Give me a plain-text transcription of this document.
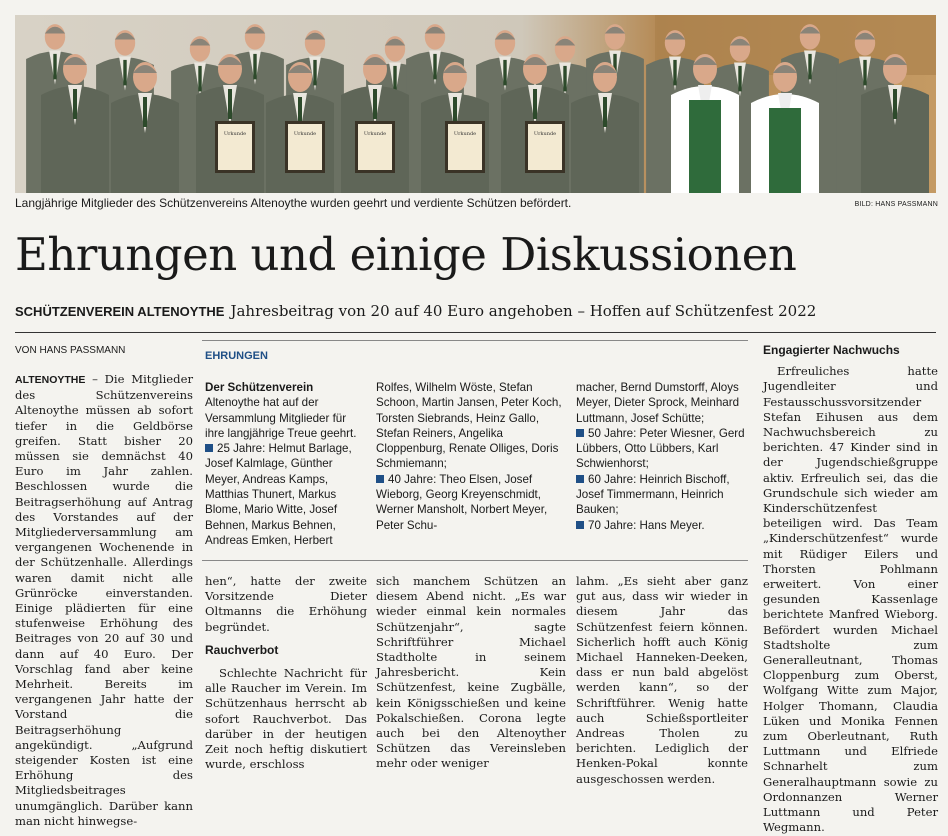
Urkunde	Urkunde	Urkunde	Urkunde	Urkunde
Langjährige Mitglieder des Schützenvereins Altenoythe wurden geehrt und verdiente Schützen befördert.	BILD: HANS PASSMANN
Ehrungen und einige Diskussionen
SCHÜTZENVEREIN ALTENOYTHE Jahresbeitrag von 20 auf 40 Euro angehoben – Hoffen auf Schützenfest 2022
VON HANS PASSMANN

ALTENOYTHE – Die Mitglieder des Schützenvereins Altenoythe müssen ab sofort tiefer in die Geldbörse greifen. Statt bisher 20 müssen sie demnächst 40 Euro im Jahr zahlen. Beschlossen wurde die Beitragserhöhung auf Antrag des Vorstandes auf der Mitgliederversammlung am vergangenen Wochenende in der Schützenhalle. Allerdings waren damit nicht alle Grünröcke einverstanden. Einige plädierten für eine stufenweise Erhöhung des Beitrages von 20 auf 30 und dann auf 40 Euro. Der Vorschlag fand aber keine Mehrheit. Bereits im vergangenen Jahr hatte der Vorstand die Beitragserhöhung angekündigt. „Aufgrund steigender Kosten ist eine Erhöhung des Mitgliedsbeitrages unumgänglich. Darüber kann man nicht hinwegse-

EHRUNGEN

Der Schützenverein Altenoythe hat auf der Versammlung Mitglieder für ihre langjährige Treue geehrt.

25 Jahre: Helmut Barlage, Josef Kalmlage, Günther Meyer, Andreas Kamps, Matthias Thunert, Markus Blome, Mario Witte, Josef Behnen, Markus Behnen, Andreas Emken, Herbert

Rolfes, Wilhelm Wöste, Stefan Schoon, Martin Jansen, Peter Koch, Torsten Siebrands, Heinz Gallo, Stefan Reiners, Angelika Cloppenburg, Renate Olliges, Doris Schmiemann;

40 Jahre: Theo Elsen, Josef Wieborg, Georg Kreyenschmidt, Werner Mansholt, Norbert Meyer, Peter Schu-

macher, Bernd Dumstorff, Aloys Meyer, Dieter Sprock, Meinhard Luttmann, Josef Schütte;

50 Jahre: Peter Wiesner, Gerd Lübbers, Otto Lübbers, Karl Schwienhorst;

60 Jahre: Heinrich Bischoff, Josef Timmermann, Heinrich Bauken;

70 Jahre: Hans Meyer.

hen“, hatte der zweite Vorsitzende Dieter Oltmanns die Erhöhung begründet.

Rauchverbot

Schlechte Nachricht für alle Raucher im Verein. Im Schützenhaus herrscht ab sofort Rauchverbot. Das darüber in der heutigen Zeit noch heftig diskutiert wurde, erschloss

sich manchem Schützen an diesem Abend nicht. „Es war wieder einmal kein normales Schützenjahr“, sagte Schriftführer Michael Stadtholte in seinem Jahresbericht. Kein Schützenfest, keine Zugbälle, kein Königsschießen und keine Pokalschießen. Corona legte auch bei den Altenoyther Schützen das Vereinsleben mehr oder weniger

lahm. „Es sieht aber ganz gut aus, dass wir wieder in diesem Jahr das Schützenfest feiern können. Sicherlich hofft auch König Michael Hanneken-Deeken, dass er nun bald abgelöst werden kann“, so der Schriftführer. Wenig hatte auch Schießsportleiter Andreas Tholen zu berichten. Lediglich der Henken-Pokal konnte ausgeschossen werden.

Engagierter Nachwuchs

Erfreuliches hatte Jugendleiter und Festausschussvorsitzender Stefan Eihusen aus dem Nachwuchsbereich zu berichten. 47 Kinder sind in der Jugendschießgruppe aktiv. Erfreulich sei, das die Grundschule sich wieder am Kinderschützenfest beteiligen wird. Das Team „Kinderschützenfest“ wurde mit Rüdiger Eilers und Thorsten Pohlmann erweitert. Von einer gesunden Kassenlage berichtete Manfred Wieborg. Befördert wurden Michael Stadtsholte zum Generalleutnant, Thomas Cloppenburg zum Oberst, Wolfgang Witte zum Major, Holger Thomann, Claudia Lüken und Monika Fennen zum Oberleutnant, Ruth Luttmann und Elfriede Schnarhelt zum Generalhauptmann sowie zu Ordonnanzen Werner Luttmann und Peter Wegmann.
